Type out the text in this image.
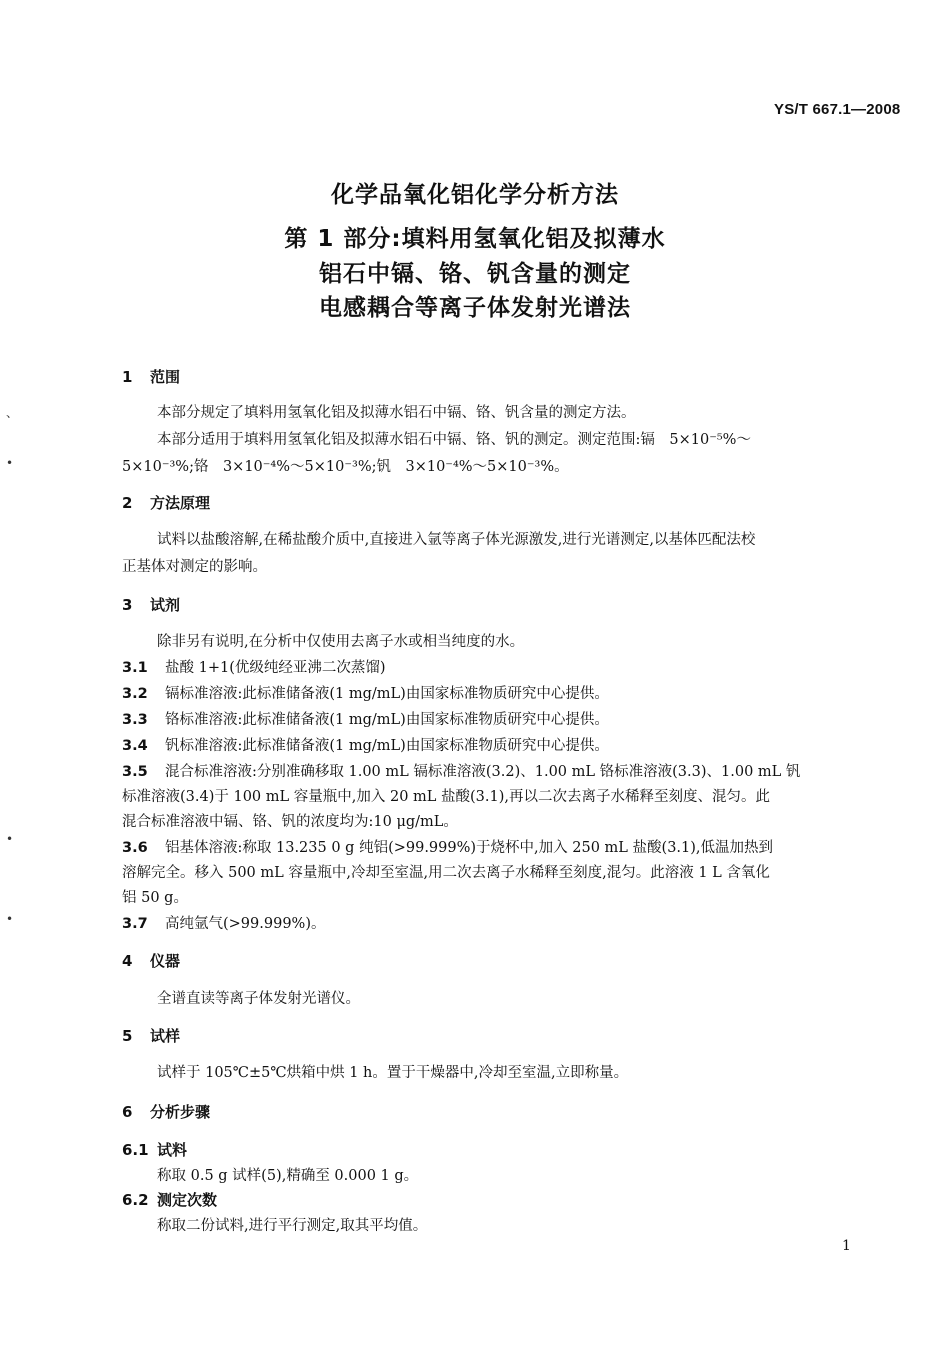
YS/T 667.1—2008
化学品氧化铝化学分析方法
第 1 部分:填料用氢氧化铝及拟薄水
铝石中镉、铬、钒含量的测定
电感耦合等离子体发射光谱法
、
•
•
•
1 范围
本部分规定了填料用氢氧化铝及拟薄水铝石中镉、铬、钒含量的测定方法。
本部分适用于填料用氢氧化铝及拟薄水铝石中镉、铬、钒的测定。测定范围:镉　5×10⁻⁵%～
5×10⁻³%;铬　3×10⁻⁴%～5×10⁻³%;钒　3×10⁻⁴%～5×10⁻³%。
2 方法原理
试料以盐酸溶解,在稀盐酸介质中,直接进入氩等离子体光源激发,进行光谱测定,以基体匹配法校
正基体对测定的影响。
3 试剂
除非另有说明,在分析中仅使用去离子水或相当纯度的水。
3.1 盐酸 1+1(优级纯经亚沸二次蒸馏)
3.2 镉标准溶液:此标准储备液(1 mg/mL)由国家标准物质研究中心提供。
3.3 铬标准溶液:此标准储备液(1 mg/mL)由国家标准物质研究中心提供。
3.4 钒标准溶液:此标准储备液(1 mg/mL)由国家标准物质研究中心提供。
3.5 混合标准溶液:分别准确移取 1.00 mL 镉标准溶液(3.2)、1.00 mL 铬标准溶液(3.3)、1.00 mL 钒
标准溶液(3.4)于 100 mL 容量瓶中,加入 20 mL 盐酸(3.1),再以二次去离子水稀释至刻度、混匀。此
混合标准溶液中镉、铬、钒的浓度均为:10 μg/mL。
3.6 铝基体溶液:称取 13.235 0 g 纯铝(>99.999%)于烧杯中,加入 250 mL 盐酸(3.1),低温加热到
溶解完全。移入 500 mL 容量瓶中,冷却至室温,用二次去离子水稀释至刻度,混匀。此溶液 1 L 含氧化
铝 50 g。
3.7 高纯氩气(>99.999%)。
4 仪器
全谱直读等离子体发射光谱仪。
5 试样
试样于 105℃±5℃烘箱中烘 1 h。置于干燥器中,冷却至室温,立即称量。
6 分析步骤
6.1 试料
称取 0.5 g 试样(5),精确至 0.000 1 g。
6.2 测定次数
称取二份试料,进行平行测定,取其平均值。
1
